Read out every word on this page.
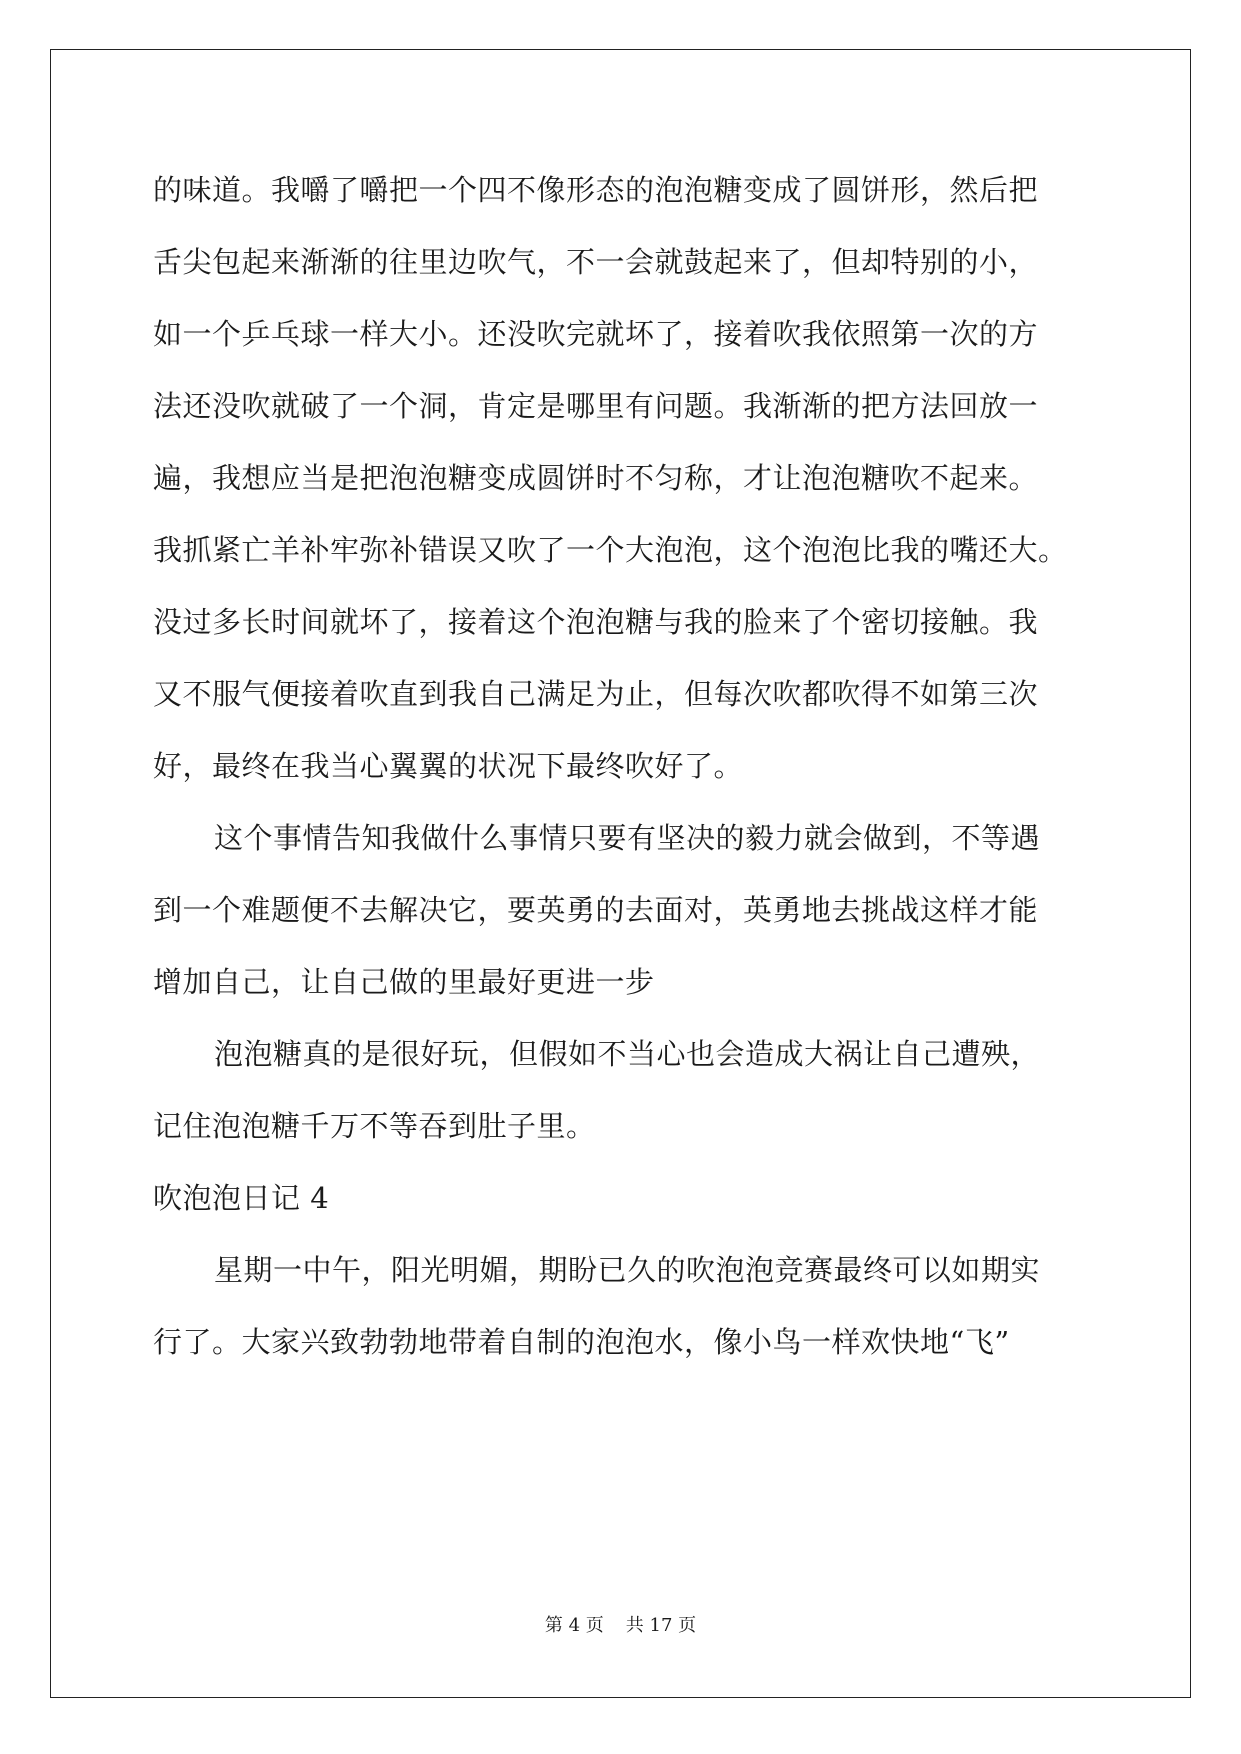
的味道。我嚼了嚼把一个四不像形态的泡泡糖变成了圆饼形，然后把
舌尖包起来渐渐的往里边吹气，不一会就鼓起来了，但却特别的小，
如一个乒乓球一样大小。还没吹完就坏了，接着吹我依照第一次的方
法还没吹就破了一个洞，肯定是哪里有问题。我渐渐的把方法回放一
遍，我想应当是把泡泡糖变成圆饼时不匀称，才让泡泡糖吹不起来。
我抓紧亡羊补牢弥补错误又吹了一个大泡泡，这个泡泡比我的嘴还大。
没过多长时间就坏了，接着这个泡泡糖与我的脸来了个密切接触。我
又不服气便接着吹直到我自己满足为止，但每次吹都吹得不如第三次
好，最终在我当心翼翼的状况下最终吹好了。
这个事情告知我做什么事情只要有坚决的毅力就会做到，不等遇
到一个难题便不去解决它，要英勇的去面对，英勇地去挑战这样才能
增加自己，让自己做的里最好更进一步
泡泡糖真的是很好玩，但假如不当心也会造成大祸让自己遭殃，
记住泡泡糖千万不等吞到肚子里。
吹泡泡日记 4
星期一中午，阳光明媚，期盼已久的吹泡泡竞赛最终可以如期实
行了。大家兴致勃勃地带着自制的泡泡水，像小鸟一样欢快地“飞”
第 4 页 共 17 页
